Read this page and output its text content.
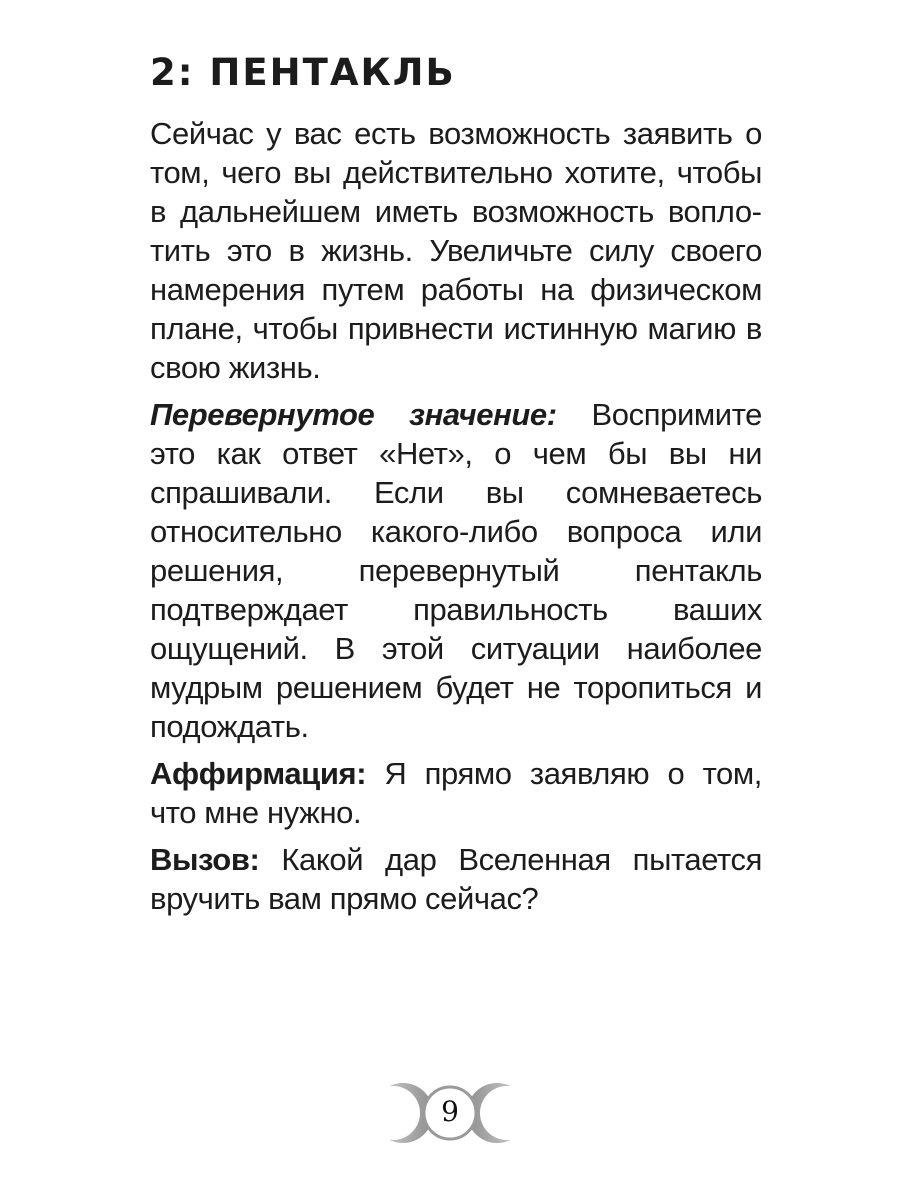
2: ПЕНТАКЛЬ

Сейчас у вас есть возможность заявить о том, чего вы действительно хотите, чтобы в дальнейшем иметь возможность воплотить это в жизнь. Увеличьте силу своего намерения путем работы на физическом плане, чтобы привнести истинную магию в свою жизнь.

Перевернутое значение: Воспримите это как ответ «Нет», о чем бы вы ни спрашивали. Если вы сомневаетесь относительно какого-либо вопроса или решения, перевернутый пентакль подтверждает правильность ваших ощущений. В этой ситуации наиболее мудрым решением будет не торопиться и подождать.

Аффирмация: Я прямо заявляю о том, что мне нужно.

Вызов: Какой дар Вселенная пытается вручить вам прямо сейчас?

9
